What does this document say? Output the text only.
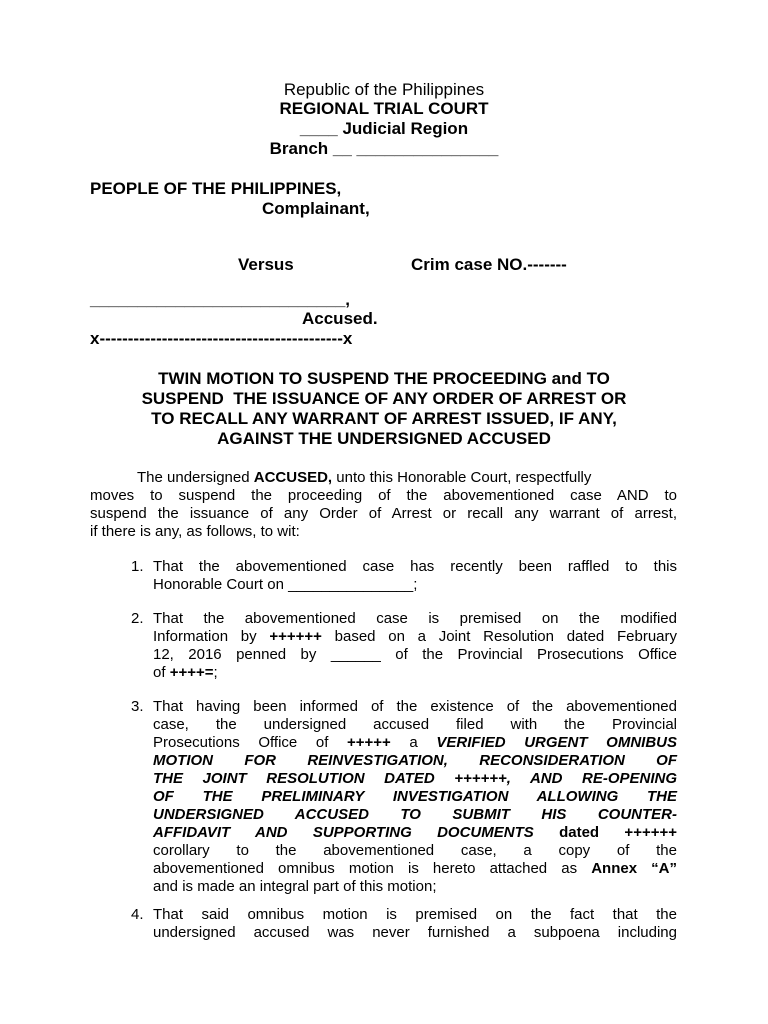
Republic of the Philippines
REGIONAL TRIAL COURT
____ Judicial Region
Branch __ _______________
PEOPLE OF THE PHILIPPINES,
Complainant,
Versus	Crim case NO.-------
___________________________,
Accused.
x-------------------------------------------x
TWIN MOTION TO SUSPEND THE PROCEEDING and TO
SUSPEND  THE ISSUANCE OF ANY ORDER OF ARREST OR
TO RECALL ANY WARRANT OF ARREST ISSUED, IF ANY,
AGAINST THE UNDERSIGNED ACCUSED
The undersigned ACCUSED, unto this Honorable Court, respectfully
moves to suspend the proceeding of the abovementioned case AND to
suspend the issuance of any Order of Arrest or recall any warrant of arrest,
if there is any, as follows, to wit:
1. That the abovementioned case has recently been raffled to this
Honorable Court on _______________;
2. That the abovementioned case is premised on the modified
Information by ++++++ based on a Joint Resolution dated February
12, 2016 penned by ______ of the Provincial Prosecutions Office
of ++++=;
3. That having been informed of the existence of the abovementioned
case, the undersigned accused filed with the Provincial
Prosecutions Office of +++++ a VERIFIED URGENT OMNIBUS
MOTION FOR REINVESTIGATION, RECONSIDERATION OF
THE JOINT RESOLUTION DATED ++++++, AND RE-OPENING
OF THE PRELIMINARY INVESTIGATION ALLOWING THE
UNDERSIGNED ACCUSED TO SUBMIT HIS COUNTER-
AFFIDAVIT AND SUPPORTING DOCUMENTS dated ++++++
corollary to the abovementioned case, a copy of the
abovementioned omnibus motion is hereto attached as Annex “A”
and is made an integral part of this motion;
4. That said omnibus motion is premised on the fact that the
undersigned accused was never furnished a subpoena including
